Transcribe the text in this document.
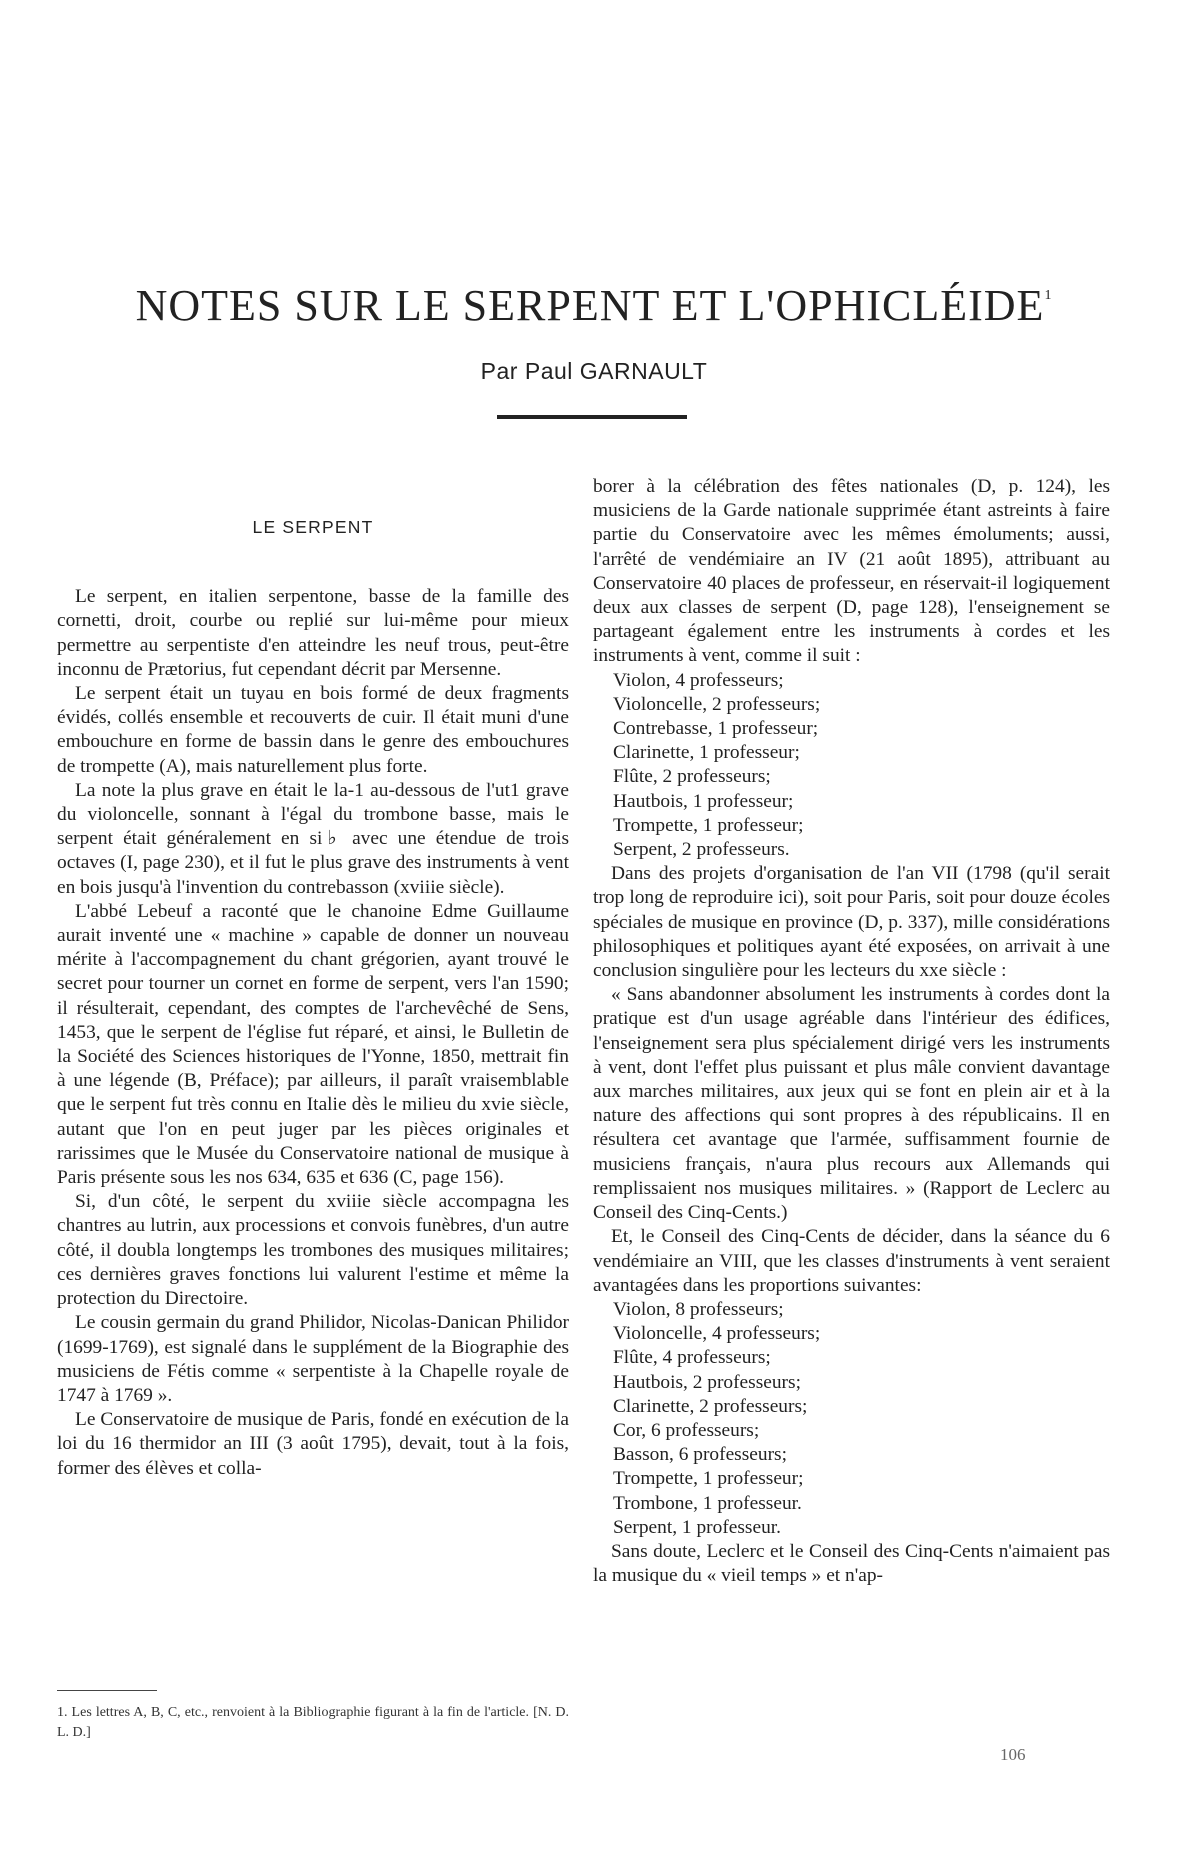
NOTES SUR LE SERPENT ET L'OPHICLÉIDE$^1$
Par Paul GARNAULT
LE SERPENT

Le serpent, en italien serpentone, basse de la famille des cornetti, droit, courbe ou replié sur lui-même pour mieux permettre au serpentiste d'en atteindre les neuf trous, peut-être inconnu de Prætorius, fut cependant décrit par Mersenne.

Le serpent était un tuyau en bois formé de deux fragments évidés, collés ensemble et recouverts de cuir. Il était muni d'une embouchure en forme de bassin dans le genre des embouchures de trompette (A), mais naturellement plus forte.

La note la plus grave en était le la-1 au-dessous de l'ut1 grave du violoncelle, sonnant à l'égal du trombone basse, mais le serpent était généralement en si♭ avec une étendue de trois octaves (I, page 230), et il fut le plus grave des instruments à vent en bois jusqu'à l'invention du contrebasson (xviiie siècle).

L'abbé Lebeuf a raconté que le chanoine Edme Guillaume aurait inventé une « machine » capable de donner un nouveau mérite à l'accompagnement du chant grégorien, ayant trouvé le secret pour tourner un cornet en forme de serpent, vers l'an 1590; il résulterait, cependant, des comptes de l'archevêché de Sens, 1453, que le serpent de l'église fut réparé, et ainsi, le Bulletin de la Société des Sciences historiques de l'Yonne, 1850, mettrait fin à une légende (B, Préface); par ailleurs, il paraît vraisemblable que le serpent fut très connu en Italie dès le milieu du xvie siècle, autant que l'on en peut juger par les pièces originales et rarissimes que le Musée du Conservatoire national de musique à Paris présente sous les nos 634, 635 et 636 (C, page 156).

Si, d'un côté, le serpent du xviiie siècle accompagna les chantres au lutrin, aux processions et convois funèbres, d'un autre côté, il doubla longtemps les trombones des musiques militaires; ces dernières graves fonctions lui valurent l'estime et même la protection du Directoire.

Le cousin germain du grand Philidor, Nicolas-Danican Philidor (1699-1769), est signalé dans le supplément de la Biographie des musiciens de Fétis comme « serpentiste à la Chapelle royale de 1747 à 1769 ».

Le Conservatoire de musique de Paris, fondé en exécution de la loi du 16 thermidor an III (3 août 1795), devait, tout à la fois, former des élèves et colla-

borer à la célébration des fêtes nationales (D, p. 124), les musiciens de la Garde nationale supprimée étant astreints à faire partie du Conservatoire avec les mêmes émoluments; aussi, l'arrêté de vendémiaire an IV (21 août 1895), attribuant au Conservatoire 40 places de professeur, en réservait-il logiquement deux aux classes de serpent (D, page 128), l'enseignement se partageant également entre les instruments à cordes et les instruments à vent, comme il suit :

Violon, 4 professeurs;
Violoncelle, 2 professeurs;
Contrebasse, 1 professeur;
Clarinette, 1 professeur;
Flûte, 2 professeurs;
Hautbois, 1 professeur;
Trompette, 1 professeur;
Serpent, 2 professeurs.

Dans des projets d'organisation de l'an VII (1798 (qu'il serait trop long de reproduire ici), soit pour Paris, soit pour douze écoles spéciales de musique en province (D, p. 337), mille considérations philosophiques et politiques ayant été exposées, on arrivait à une conclusion singulière pour les lecteurs du xxe siècle :

« Sans abandonner absolument les instruments à cordes dont la pratique est d'un usage agréable dans l'intérieur des édifices, l'enseignement sera plus spécialement dirigé vers les instruments à vent, dont l'effet plus puissant et plus mâle convient davantage aux marches militaires, aux jeux qui se font en plein air et à la nature des affections qui sont propres à des républicains. Il en résultera cet avantage que l'armée, suffisamment fournie de musiciens français, n'aura plus recours aux Allemands qui remplissaient nos musiques militaires. » (Rapport de Leclerc au Conseil des Cinq-Cents.)

Et, le Conseil des Cinq-Cents de décider, dans la séance du 6 vendémiaire an VIII, que les classes d'instruments à vent seraient avantagées dans les proportions suivantes:

Violon, 8 professeurs;
Violoncelle, 4 professeurs;
Flûte, 4 professeurs;
Hautbois, 2 professeurs;
Clarinette, 2 professeurs;
Cor, 6 professeurs;
Basson, 6 professeurs;
Trompette, 1 professeur;
Trombone, 1 professeur.
Serpent, 1 professeur.

Sans doute, Leclerc et le Conseil des Cinq-Cents n'aimaient pas la musique du « vieil temps » et n'ap-

1. Les lettres A, B, C, etc., renvoient à la Bibliographie figurant à la fin de l'article. [N. D. L. D.]
106
